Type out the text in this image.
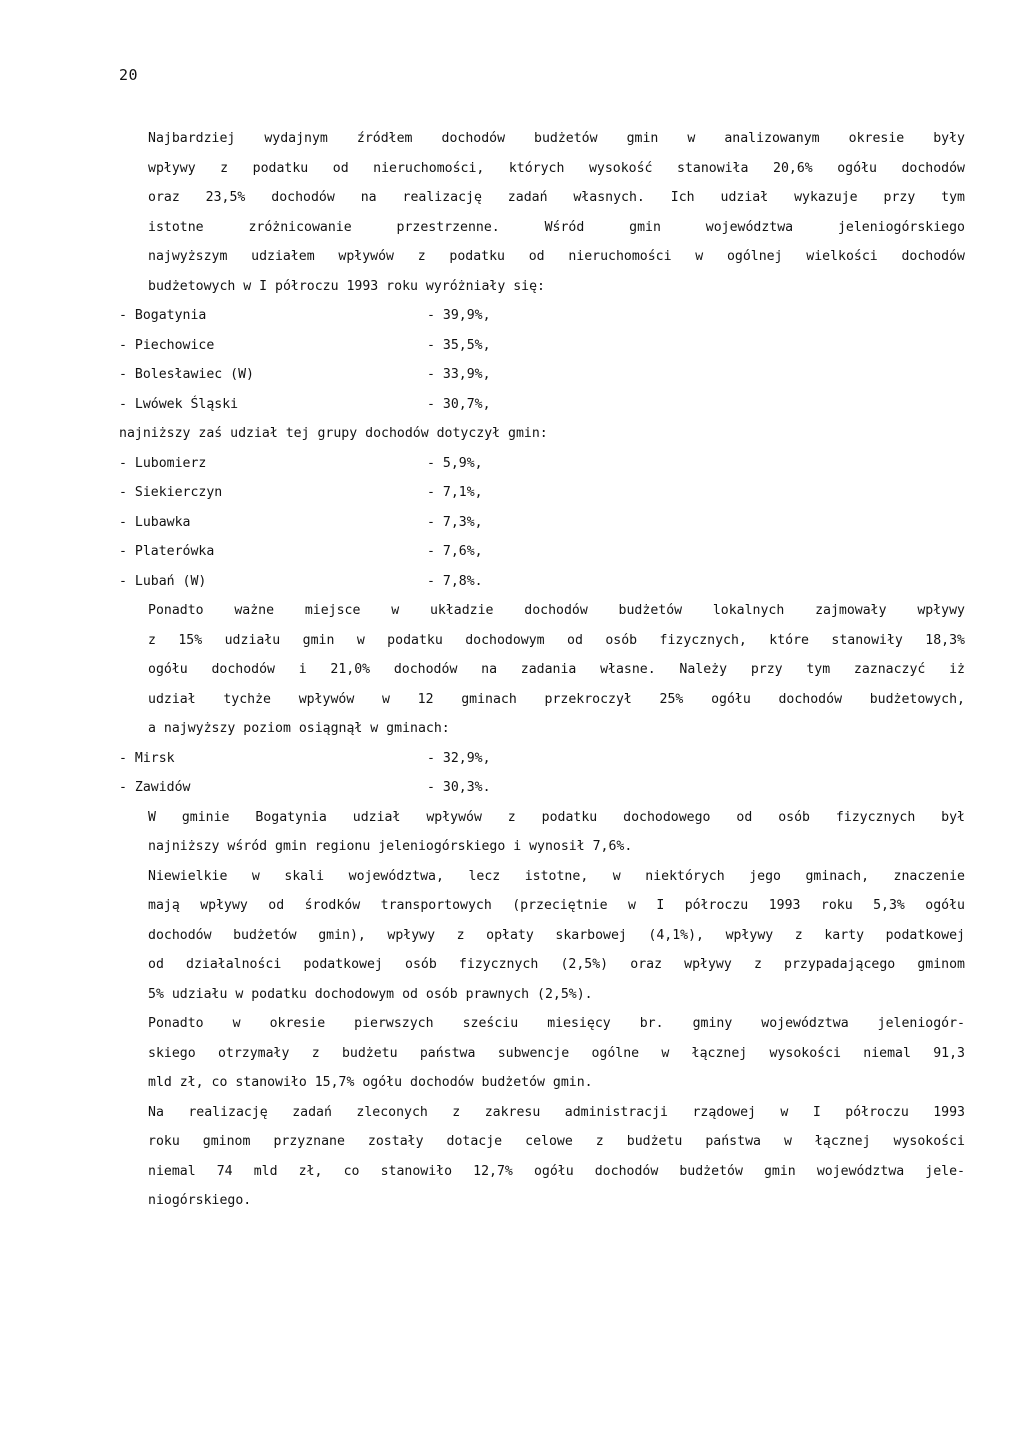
20

Najbardziej wydajnym źródłem dochodów budżetów gmin w analizowanym okresie były
wpływy z podatku od nieruchomości, których wysokość stanowiła 20,6% ogółu dochodów
oraz 23,5% dochodów na realizację zadań własnych. Ich udział wykazuje przy tym
istotne zróżnicowanie przestrzenne. Wśród gmin województwa jeleniogórskiego
najwyższym udziałem wpływów z podatku od nieruchomości w ogólnej wielkości dochodów
budżetowych w I półroczu 1993 roku wyróżniały się:

- Bogatynia	- 39,9%,
- Piechowice	- 35,5%,
- Bolesławiec (W)	- 33,9%,
- Lwówek Śląski	- 30,7%,

najniższy zaś udział tej grupy dochodów dotyczył gmin:

- Lubomierz	- 5,9%,
- Siekierczyn	- 7,1%,
- Lubawka	- 7,3%,
- Platerówka	- 7,6%,
- Lubań (W)	- 7,8%.

Ponadto ważne miejsce w układzie dochodów budżetów lokalnych zajmowały wpływy
z 15% udziału gmin w podatku dochodowym od osób fizycznych, które stanowiły 18,3%
ogółu dochodów i 21,0% dochodów na zadania własne. Należy przy tym zaznaczyć iż
udział tychże wpływów w 12 gminach przekroczył 25% ogółu dochodów budżetowych,
a najwyższy poziom osiągnął w gminach:

- Mirsk	- 32,9%,
- Zawidów	- 30,3%.

W gminie Bogatynia udział wpływów z podatku dochodowego od osób fizycznych był
najniższy wśród gmin regionu jeleniogórskiego i wynosił 7,6%.

Niewielkie w skali województwa, lecz istotne, w niektórych jego gminach, znaczenie
mają wpływy od środków transportowych (przeciętnie w I półroczu 1993 roku 5,3% ogółu
dochodów budżetów gmin), wpływy z opłaty skarbowej (4,1%), wpływy z karty podatkowej
od działalności podatkowej osób fizycznych (2,5%) oraz wpływy z przypadającego gminom
5% udziału w podatku dochodowym od osób prawnych (2,5%).

Ponadto w okresie pierwszych sześciu miesięcy br. gminy województwa jeleniogór-
skiego otrzymały z budżetu państwa subwencje ogólne w łącznej wysokości niemal 91,3
mld zł, co stanowiło 15,7% ogółu dochodów budżetów gmin.

Na realizację zadań zleconych z zakresu administracji rządowej w I półroczu 1993
roku gminom przyznane zostały dotacje celowe z budżetu państwa w łącznej wysokości
niemal 74 mld zł, co stanowiło 12,7% ogółu dochodów budżetów gmin województwa jele-
niogórskiego.
